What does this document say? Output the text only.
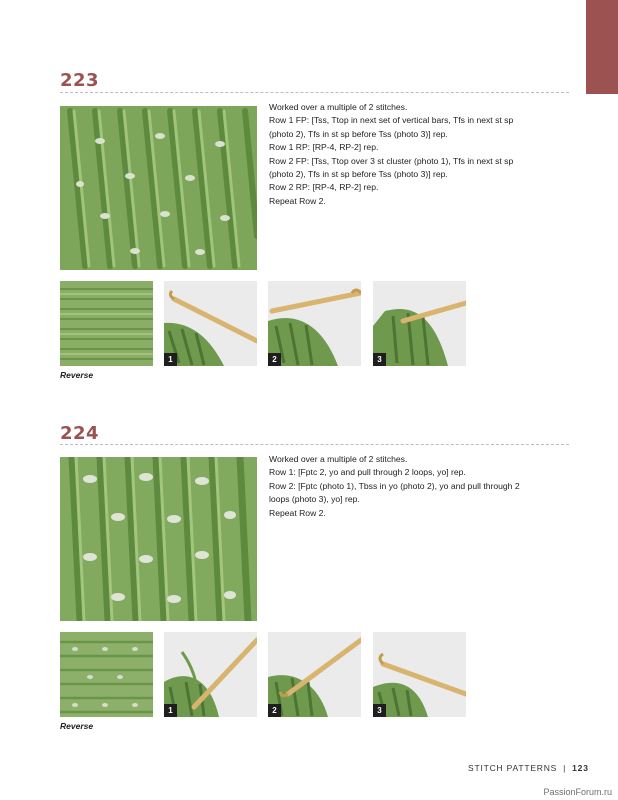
223

Worked over a multiple of 2 stitches.

Row 1 FP: [Tss, Ttop in next set of vertical bars, Tfs in next st sp (photo 2), Tfs in st sp before Tss (photo 3)] rep.

Row 1 RP: [RP-4, RP-2] rep.

Row 2 FP: [Tss, Ttop over 3 st cluster (photo 1), Tfs in next st sp (photo 2), Tfs in st sp before Tss (photo 3)] rep.

Row 2 RP: [RP-4, RP-2] rep.

Repeat Row 2.

1	2	3
Reverse
224

Worked over a multiple of 2 stitches.

Row 1: [Fptc 2, yo and pull through 2 loops, yo] rep.

Row 2: [Fptc (photo 1), Tbss in yo (photo 2), yo and pull through 2 loops (photo 3), yo] rep.

Repeat Row 2.

1	2	3
Reverse
STITCH PATTERNS | 123
PassionForum.ru
